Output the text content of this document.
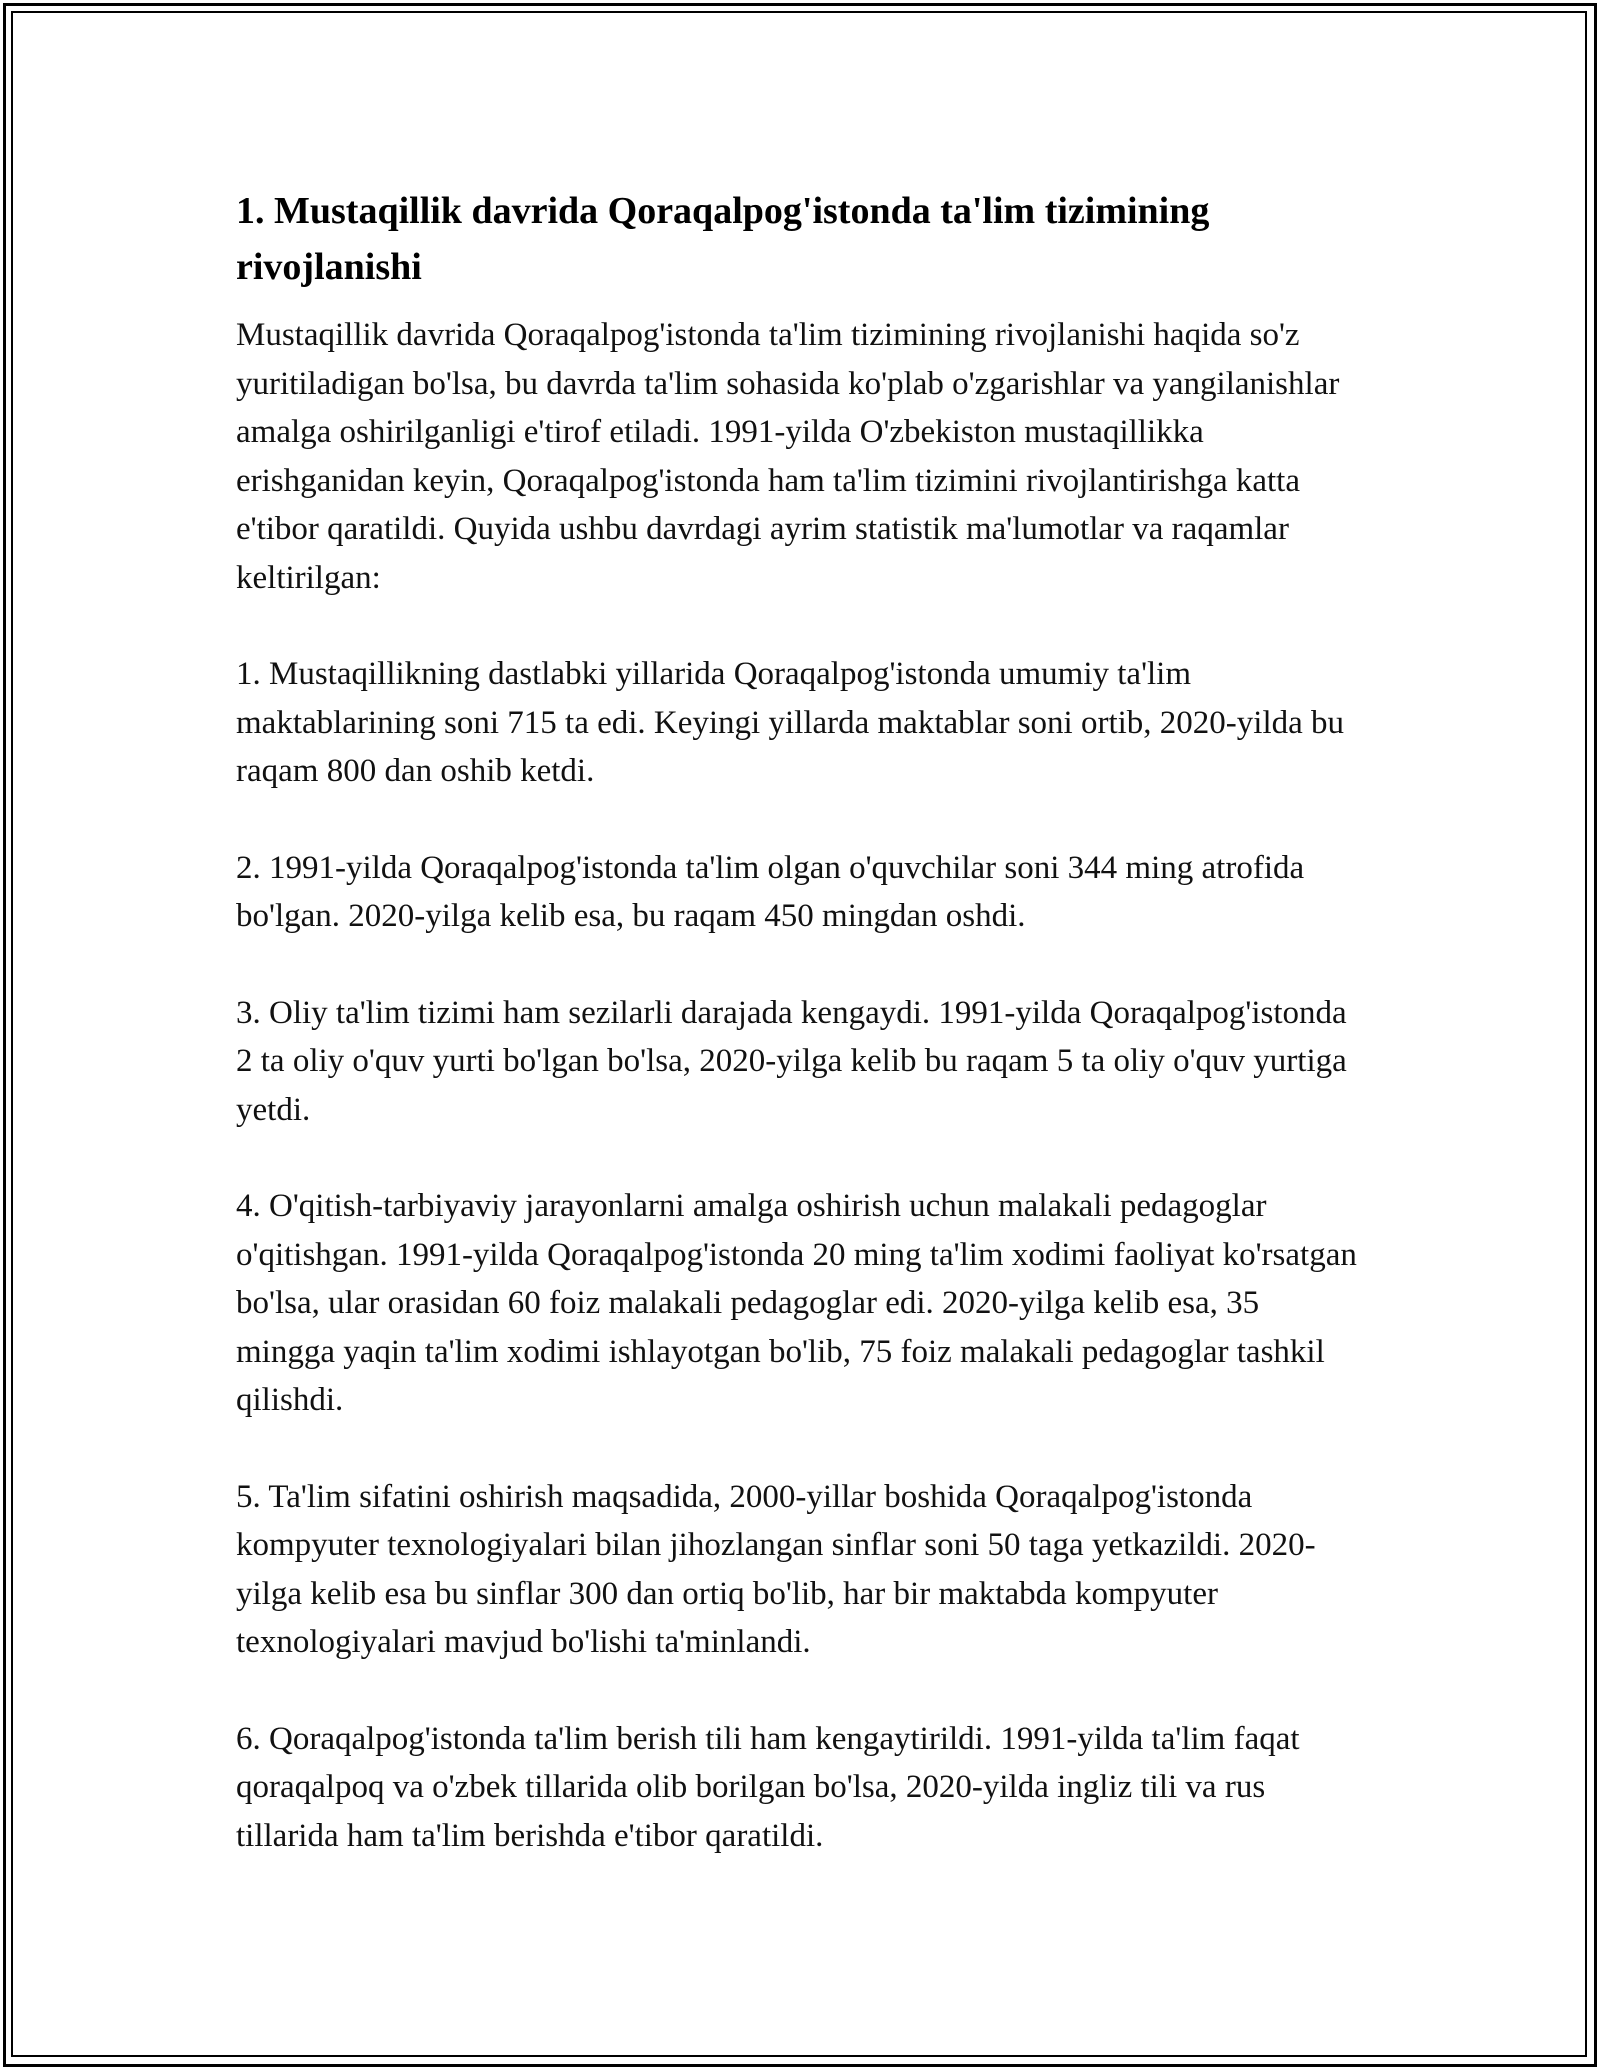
1. Mustaqillik davrida Qoraqalpog'istonda ta'lim tizimining rivojlanishi

Mustaqillik davrida Qoraqalpog'istonda ta'lim tizimining rivojlanishi haqida so'z yuritiladigan bo'lsa, bu davrda ta'lim sohasida ko'plab o'zgarishlar va yangilanishlar amalga oshirilganligi e'tirof etiladi. 1991-yilda O'zbekiston mustaqillikka erishganidan keyin, Qoraqalpog'istonda ham ta'lim tizimini rivojlantirishga katta e'tibor qaratildi. Quyida ushbu davrdagi ayrim statistik ma'lumotlar va raqamlar keltirilgan:

1. Mustaqillikning dastlabki yillarida Qoraqalpog'istonda umumiy ta'lim maktablarining soni 715 ta edi. Keyingi yillarda maktablar soni ortib, 2020-yilda bu raqam 800 dan oshib ketdi.

2. 1991-yilda Qoraqalpog'istonda ta'lim olgan o'quvchilar soni 344 ming atrofida bo'lgan. 2020-yilga kelib esa, bu raqam 450 mingdan oshdi.

3. Oliy ta'lim tizimi ham sezilarli darajada kengaydi. 1991-yilda Qoraqalpog'istonda 2 ta oliy o'quv yurti bo'lgan bo'lsa, 2020-yilga kelib bu raqam 5 ta oliy o'quv yurtiga yetdi.

4. O'qitish-tarbiyaviy jarayonlarni amalga oshirish uchun malakali pedagoglar o'qitishgan. 1991-yilda Qoraqalpog'istonda 20 ming ta'lim xodimi faoliyat ko'rsatgan bo'lsa, ular orasidan 60 foiz malakali pedagoglar edi. 2020-yilga kelib esa, 35 mingga yaqin ta'lim xodimi ishlayotgan bo'lib, 75 foiz malakali pedagoglar tashkil qilishdi.

5. Ta'lim sifatini oshirish maqsadida, 2000-yillar boshida Qoraqalpog'istonda kompyuter texnologiyalari bilan jihozlangan sinflar soni 50 taga yetkazildi. 2020-yilga kelib esa bu sinflar 300 dan ortiq bo'lib, har bir maktabda kompyuter texnologiyalari mavjud bo'lishi ta'minlandi.

6. Qoraqalpog'istonda ta'lim berish tili ham kengaytirildi. 1991-yilda ta'lim faqat qoraqalpoq va o'zbek tillarida olib borilgan bo'lsa, 2020-yilda ingliz tili va rus tillarida ham ta'lim berishda e'tibor qaratildi.
